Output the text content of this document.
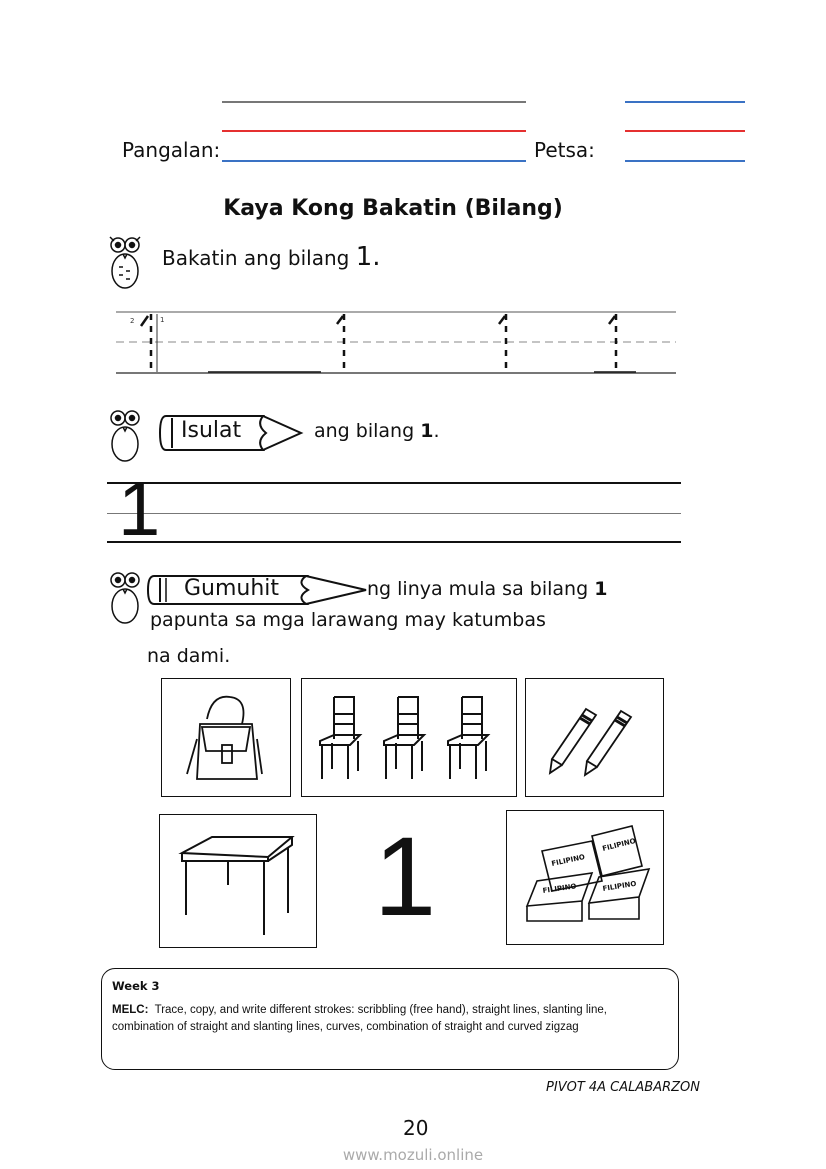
Pangalan:	Petsa:
Kaya Kong Bakatin (Bilang)
Bakatin ang bilang 1.
2	1
Isulat	ang bilang 1.
1
Gumuhit	ng linya mula sa bilang 1
papunta sa mga larawang may katumbas
na dami.
1	FILIPINO
FILIPINO
FILIPINO	FILIPINO
Week 3
MELC: Trace, copy, and write different strokes: scribbling (free hand), straight lines, slanting line, combination of straight and slanting lines, curves, combination of straight and curved zigzag
PIVOT 4A CALABARZON
20
www.mozuli.online
